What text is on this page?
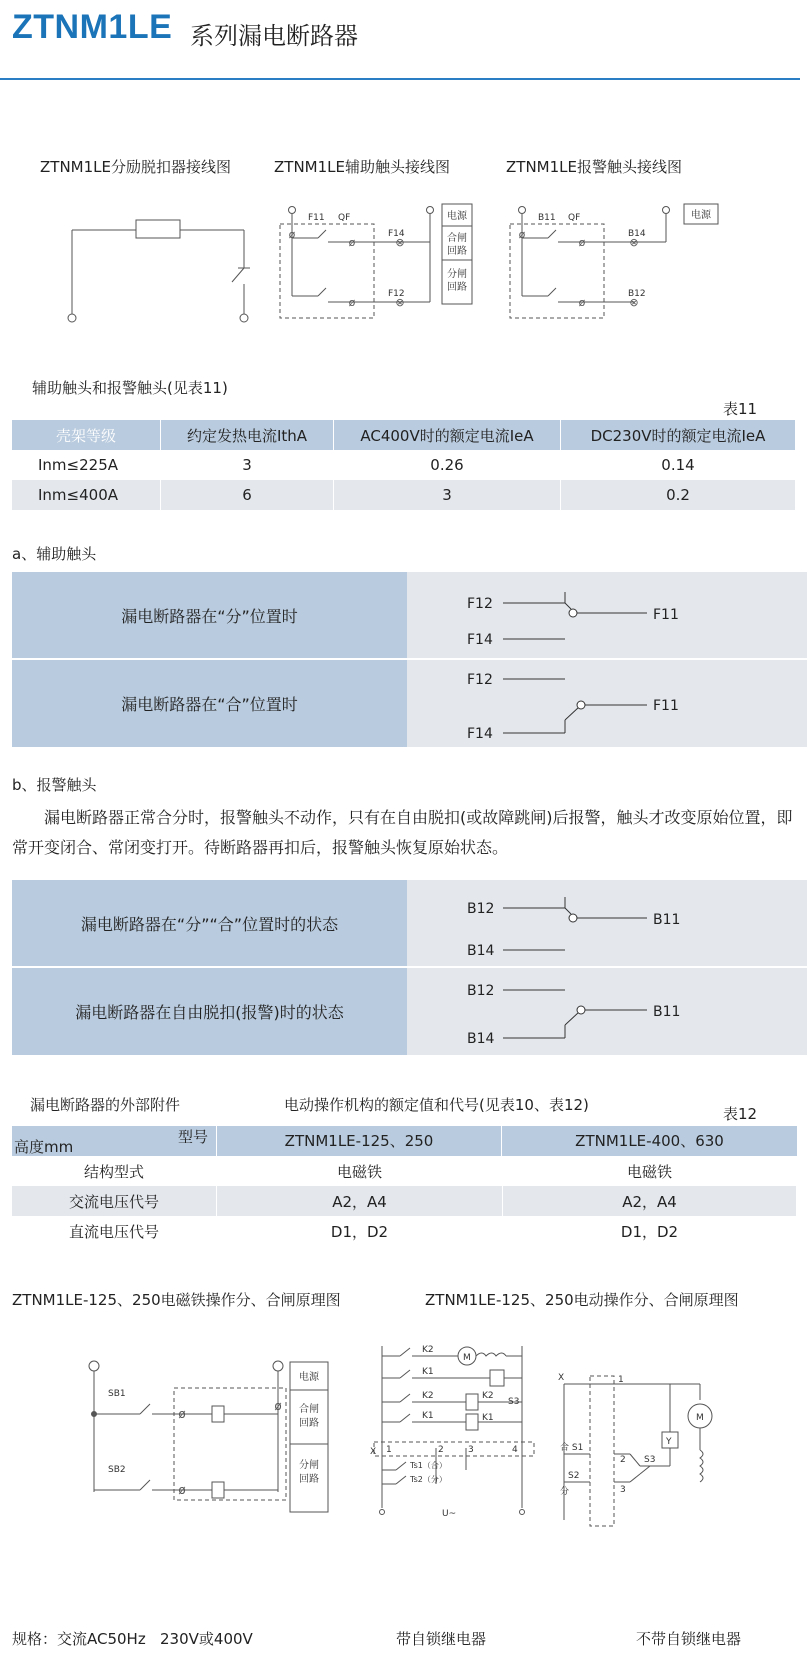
ZTNM1LE 系列漏电断路器
ZTNM1LE分励脱扣器接线图	ZTNM1LE辅助触头接线图	ZTNM1LE报警触头接线图
ø
ø
ø
⊗
⊗
F11 QF
F14
F12
电源
合闸
回路
分闸
回路
ø
ø
ø
⊗
⊗
B11 QF
B14
B12
电源
辅助触头和报警触头(见表11)
表11
壳架等级	约定发热电流IthA	AC400V时的额定电流IeA	DC230V时的额定电流IeA
Inm≤225A	3	0.26	0.14
Inm≤400A	6	3	0.2
a、辅助触头
漏电断路器在“分”位置时
漏电断路器在“合”位置时
F12
F14
F11
F12
F14
F11
b、报警触头
漏电断路器正常合分时，报警触头不动作，只有在自由脱扣(或故障跳闸)后报警，触头才改变原始位置，即常开变闭合、常闭变打开。待断路器再扣后，报警触头恢复原始状态。
漏电断路器在“分”“合”位置时的状态
漏电断路器在自由脱扣(报警)时的状态
B12
B14
B11
B12
B14
B11
漏电断路器的外部附件	电动操作机构的额定值和代号(见表10、表12)	表12
型号
高度mm	ZTNM1LE-125、250	ZTNM1LE-400、630
结构型式	电磁铁	电磁铁
交流电压代号	A2，A4	A2，A4
直流电压代号	D1，D2	D1，D2
ZTNM1LE-125、250电磁铁操作分、合闸原理图	ZTNM1LE-125、250电动操作分、合闸原理图
ø
ø
ø
SB1
SB2
电源
合闸
回路
分闸
回路
K2
K1
M
K2	K2
S3
K1	K1
X 1	2	3	4
Ts1（合）
Ts2（分）
U~
X	1
M
Y
合 S1
S2
2 S3
3
分
规格：交流AC50Hz   230V或400V	带自锁继电器	不带自锁继电器
